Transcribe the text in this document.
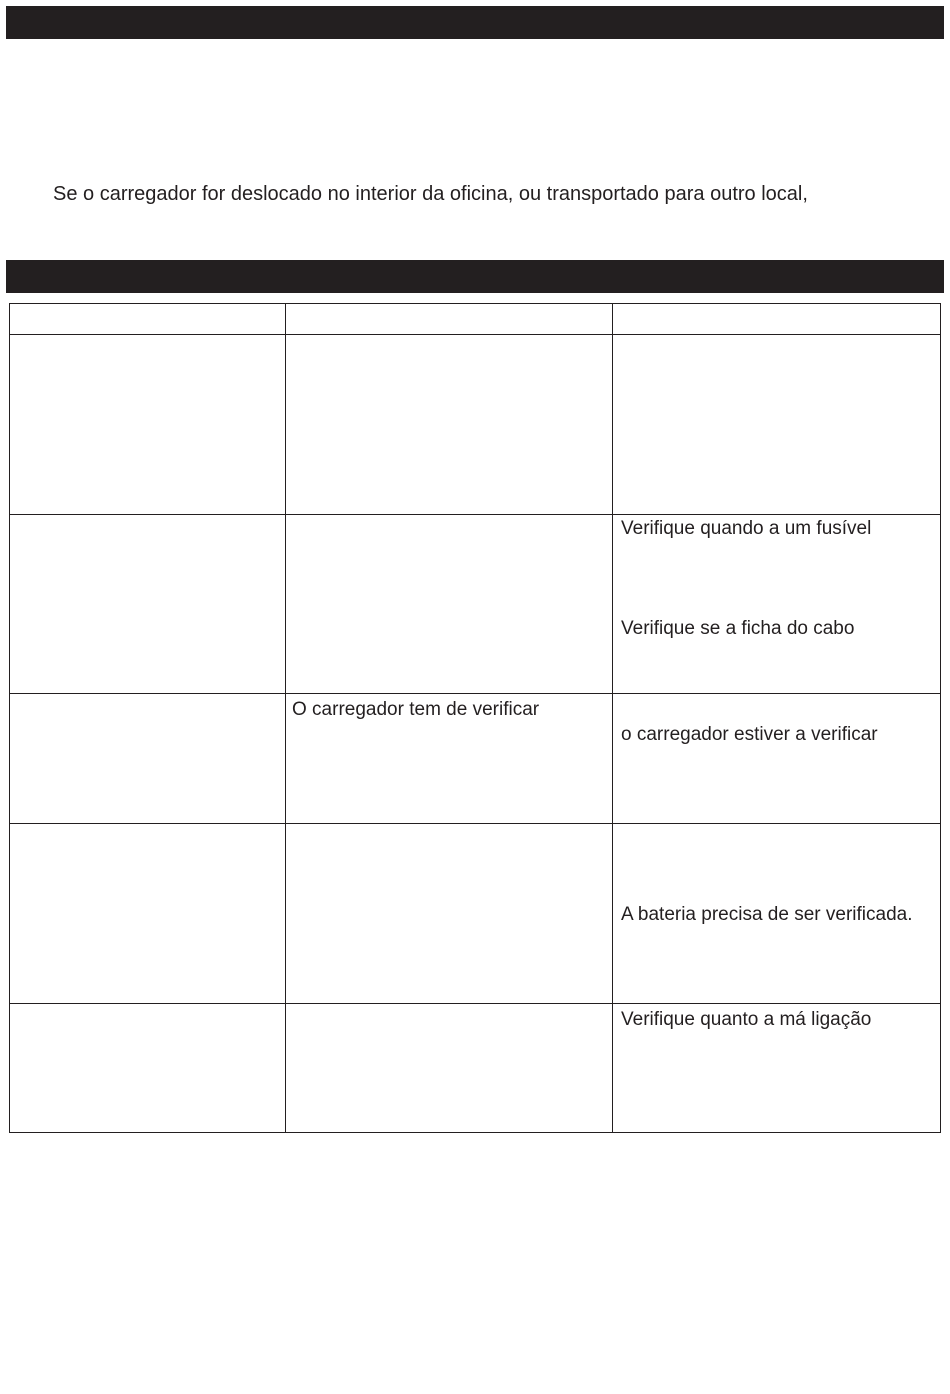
Se o carregador for deslocado no interior da oficina, ou transportado para outro local,

Verifique quando a um fusível

Verifique se a ficha do cabo

O carregador tem de verificar

o carregador estiver a verificar

A bateria precisa de ser verificada.

Verifique quanto a má ligação
